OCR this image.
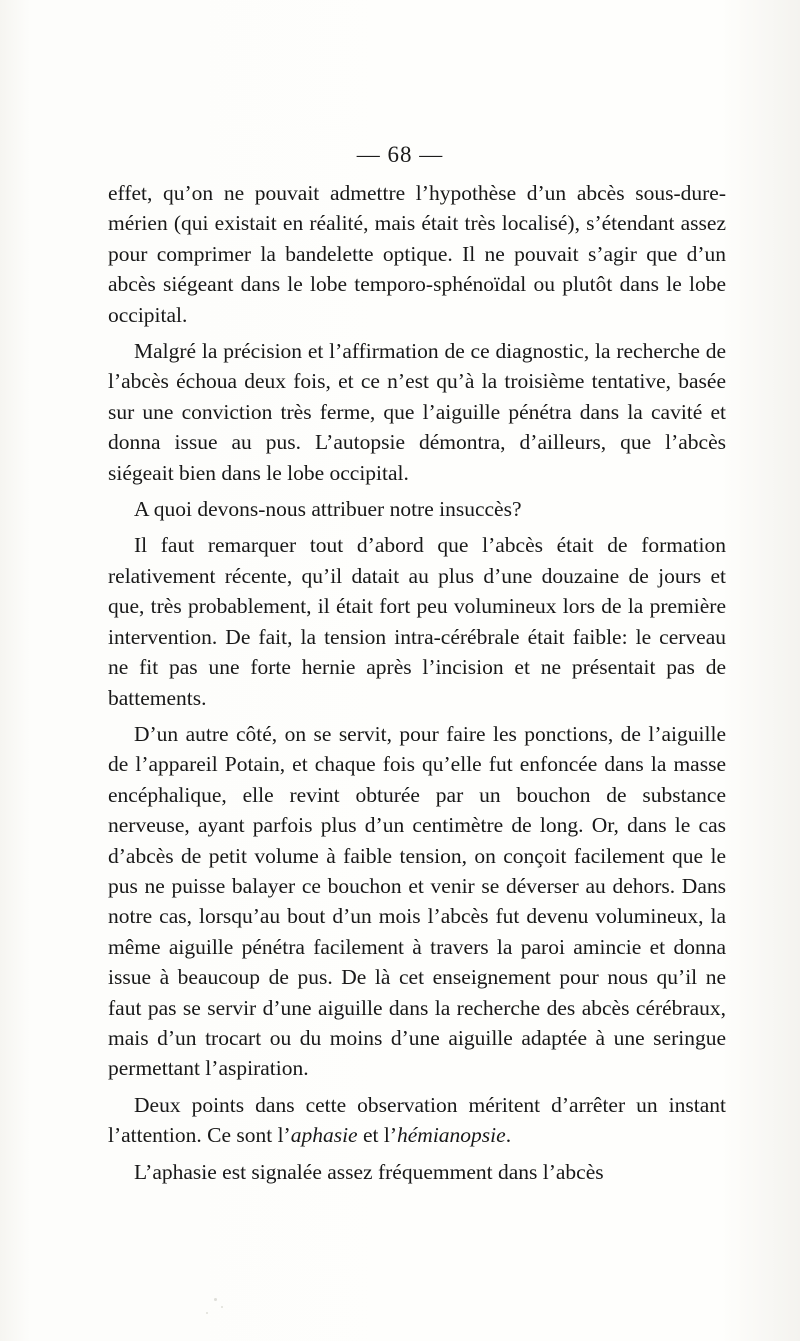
— 68 —

effet, qu’on ne pouvait admettre l’hypothèse d’un abcès sous-dure-mérien (qui existait en réalité, mais était très localisé), s’étendant assez pour comprimer la bandelette optique. Il ne pouvait s’agir que d’un abcès siégeant dans le lobe temporo-sphénoïdal ou plutôt dans le lobe occipital.

Malgré la précision et l’affirmation de ce diagnostic, la recherche de l’abcès échoua deux fois, et ce n’est qu’à la troisième tentative, basée sur une conviction très ferme, que l’aiguille pénétra dans la cavité et donna issue au pus. L’autopsie démontra, d’ailleurs, que l’abcès siégeait bien dans le lobe occipital.

A quoi devons-nous attribuer notre insuccès?

Il faut remarquer tout d’abord que l’abcès était de formation relativement récente, qu’il datait au plus d’une douzaine de jours et que, très probablement, il était fort peu volumineux lors de la première intervention. De fait, la tension intra-cérébrale était faible: le cerveau ne fit pas une forte hernie après l’incision et ne présentait pas de battements.

D’un autre côté, on se servit, pour faire les ponctions, de l’aiguille de l’appareil Potain, et chaque fois qu’elle fut enfoncée dans la masse encéphalique, elle revint obturée par un bouchon de substance nerveuse, ayant parfois plus d’un centimètre de long. Or, dans le cas d’abcès de petit volume à faible tension, on conçoit facilement que le pus ne puisse balayer ce bouchon et venir se déverser au dehors. Dans notre cas, lorsqu’au bout d’un mois l’abcès fut devenu volumineux, la même aiguille pénétra facilement à travers la paroi amincie et donna issue à beaucoup de pus. De là cet enseignement pour nous qu’il ne faut pas se servir d’une aiguille dans la recherche des abcès cérébraux, mais d’un trocart ou du moins d’une aiguille adaptée à une seringue permettant l’aspiration.

Deux points dans cette observation méritent d’arrêter un instant l’attention. Ce sont l’aphasie et l’hémianopsie.

L’aphasie est signalée assez fréquemment dans l’abcès
